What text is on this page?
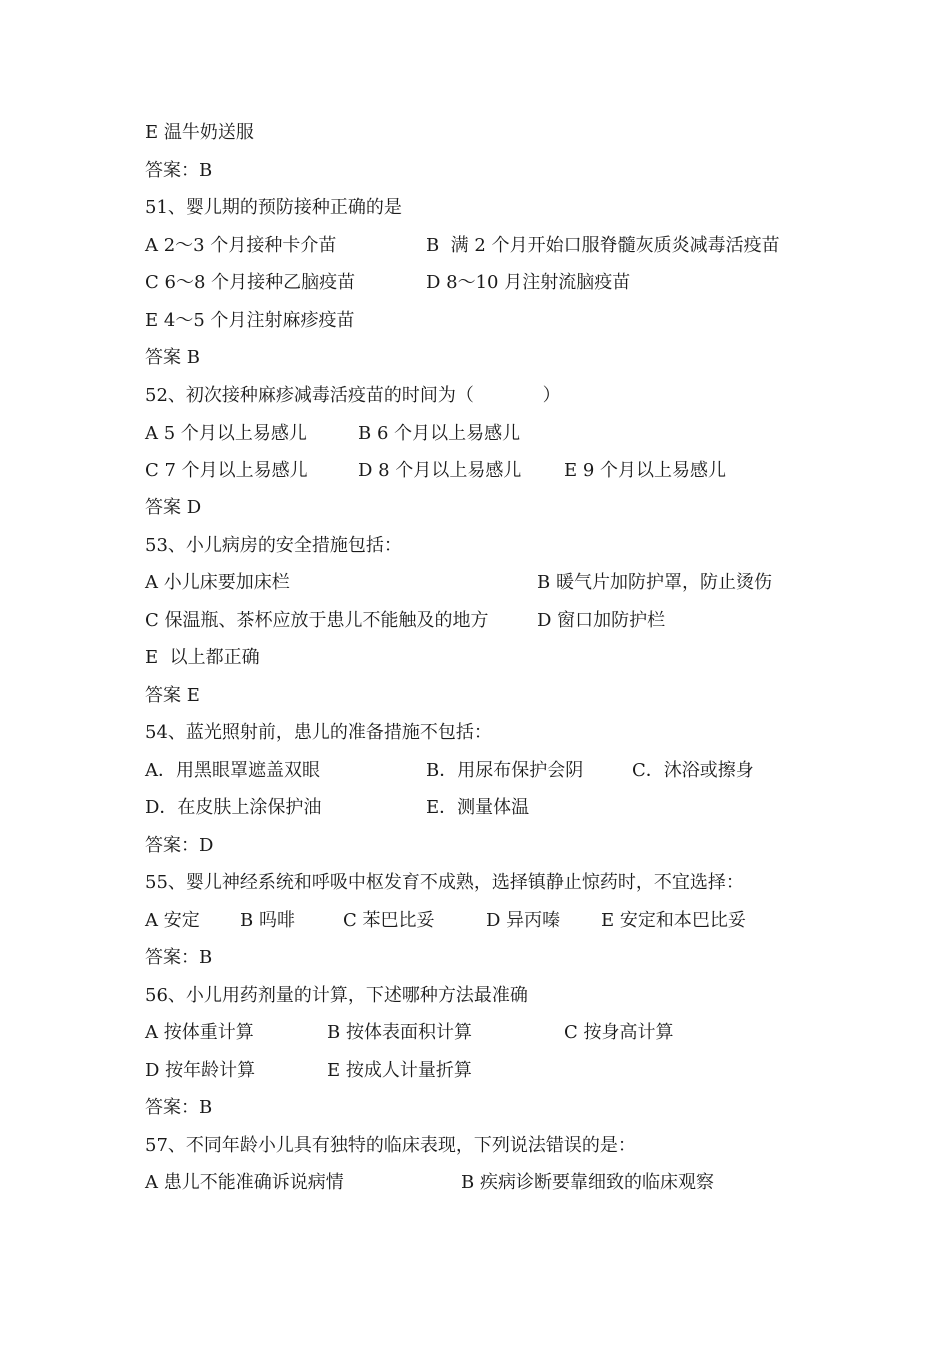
E 温牛奶送服
答案：B
51、婴儿期的预防接种正确的是

A 2～3 个月接种卡介苗

	B  满 2 个月开始口服脊髓灰质炎减毒活疫苗

C 6～8 个月接种乙脑疫苗

	D 8～10 月注射流脑疫苗

E 4～5 个月注射麻疹疫苗
答案 B
52、初次接种麻疹减毒活疫苗的时间为（            ）

A 5 个月以上易感儿

	B 6 个月以上易感儿

C 7 个月以上易感儿

	D 8 个月以上易感儿

E 9 个月以上易感儿

答案 D
53、小儿病房的安全措施包括：

A 小儿床要加床栏

	B 暖气片加防护罩，防止烫伤

C 保温瓶、茶杯应放于患儿不能触及的地方

	D 窗口加防护栏

E  以上都正确
答案 E
54、蓝光照射前，患儿的准备措施不包括：

A．用黑眼罩遮盖双眼

	B．用尿布保护会阴

	C．沐浴或擦身

D．在皮肤上涂保护油

	E．测量体温

答案：D
55、婴儿神经系统和呼吸中枢发育不成熟，选择镇静止惊药时，不宜选择：

A 安定

B 吗啡

	C 苯巴比妥

	D 异丙嗪

E 安定和本巴比妥

答案：B
56、小儿用药剂量的计算，下述哪种方法最准确

A 按体重计算

	B 按体表面积计算

	C 按身高计算

D 按年龄计算

	E 按成人计量折算

答案：B
57、不同年龄小儿具有独特的临床表现，下列说法错误的是：

A 患儿不能准确诉说病情

	B 疾病诊断要靠细致的临床观察
